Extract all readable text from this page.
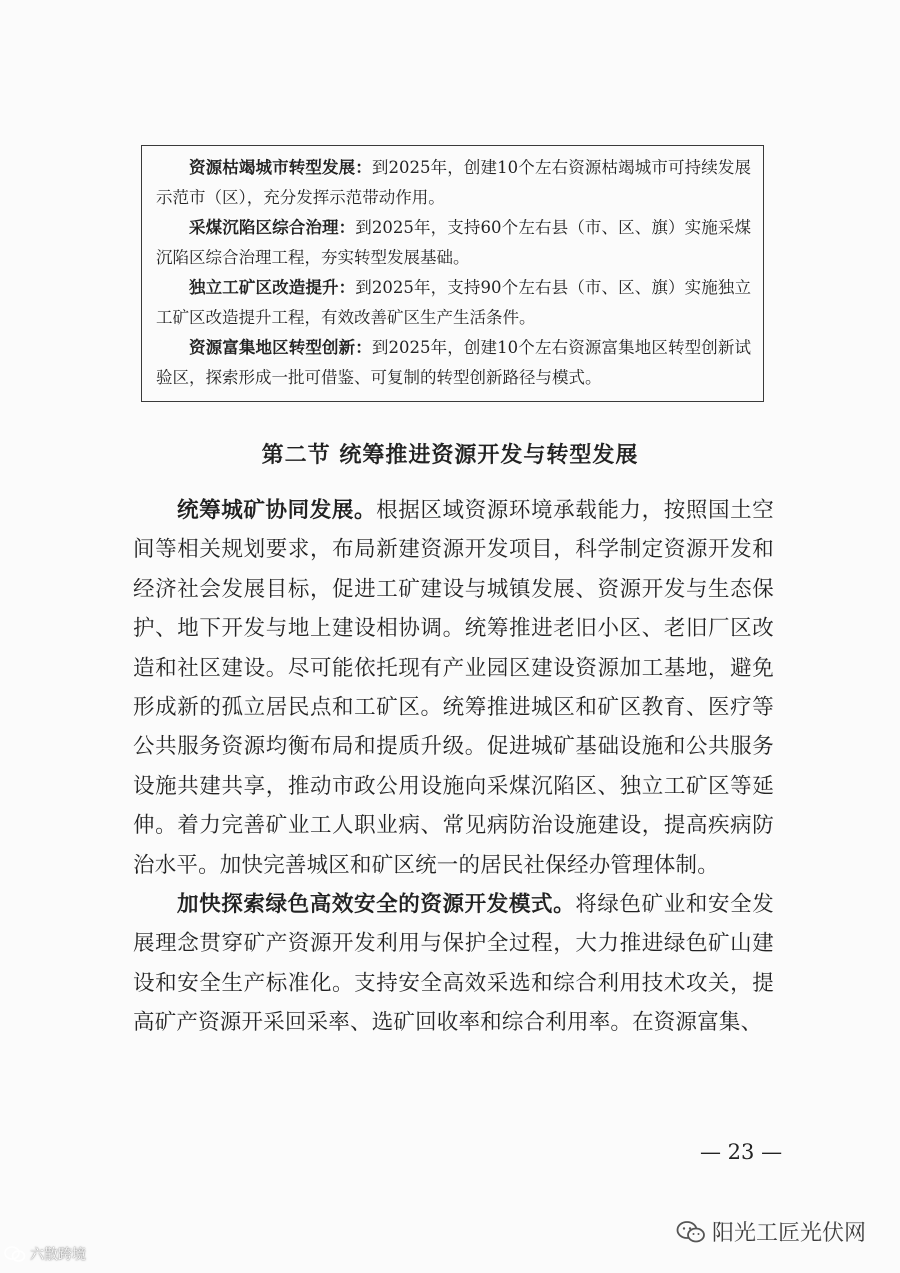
资源枯竭城市转型发展：到2025年，创建10个左右资源枯竭城市可持续发展示范市（区），充分发挥示范带动作用。

采煤沉陷区综合治理：到2025年，支持60个左右县（市、区、旗）实施采煤沉陷区综合治理工程，夯实转型发展基础。

独立工矿区改造提升：到2025年，支持90个左右县（市、区、旗）实施独立工矿区改造提升工程，有效改善矿区生产生活条件。

资源富集地区转型创新：到2025年，创建10个左右资源富集地区转型创新试验区，探索形成一批可借鉴、可复制的转型创新路径与模式。

第二节 统筹推进资源开发与转型发展

统筹城矿协同发展。根据区域资源环境承载能力，按照国土空间等相关规划要求，布局新建资源开发项目，科学制定资源开发和经济社会发展目标，促进工矿建设与城镇发展、资源开发与生态保护、地下开发与地上建设相协调。统筹推进老旧小区、老旧厂区改造和社区建设。尽可能依托现有产业园区建设资源加工基地，避免形成新的孤立居民点和工矿区。统筹推进城区和矿区教育、医疗等公共服务资源均衡布局和提质升级。促进城矿基础设施和公共服务设施共建共享，推动市政公用设施向采煤沉陷区、独立工矿区等延伸。着力完善矿业工人职业病、常见病防治设施建设，提高疾病防治水平。加快完善城区和矿区统一的居民社保经办管理体制。

加快探索绿色高效安全的资源开发模式。将绿色矿业和安全发展理念贯穿矿产资源开发利用与保护全过程，大力推进绿色矿山建设和安全生产标准化。支持安全高效采选和综合利用技术攻关，提高矿产资源开采回采率、选矿回收率和综合利用率。在资源富集、

— 23 —
六散跨境
阳光工匠光伏网
